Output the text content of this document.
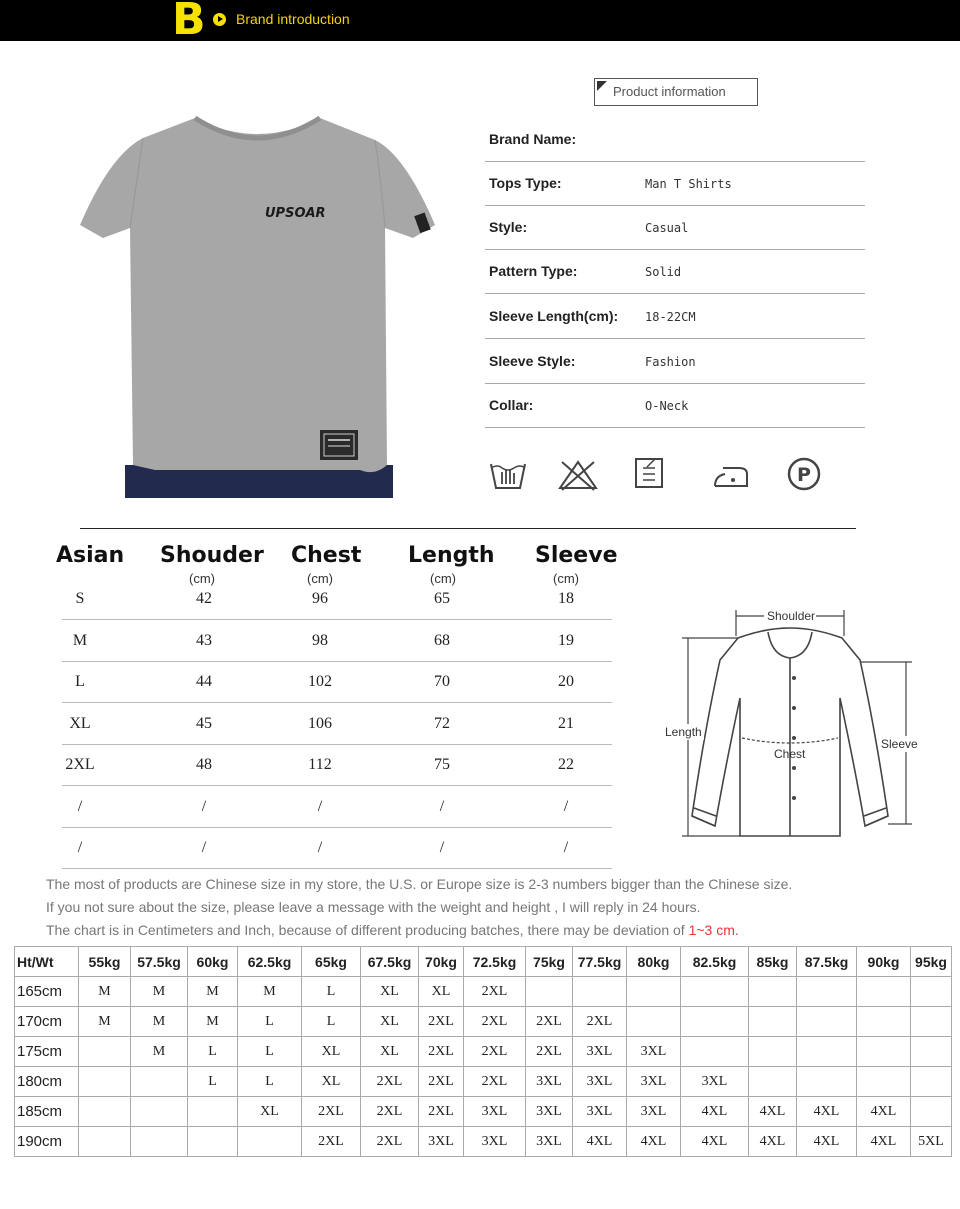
B Brand introduction
UPSOAR
Product information
Brand Name:
Tops Type:	Man T Shirts
Style:	Casual
Pattern Type:	Solid
Sleeve Length(cm): 18-22CM
Sleeve Style:	Fashion
Collar:	O-Neck
P
Asian Shouder Chest Length Sleeve
(cm)	(cm)	(cm)	(cm)
S	42	96	65	18
M	43	98	68	19
L	44	102	70	20
XL	45	106	72	21
2XL	48	112	75	22
/	/	/	/	/
/	/	/	/	/
Shoulder
Length
Chest
Sleeve
The most of products are Chinese size in my store, the U.S. or Europe size is 2-3 numbers bigger than the Chinese size.
If you not sure about the size, please leave a message with the weight and height , I will reply in 24 hours.
The chart is in Centimeters and Inch, because of different producing batches, there may be deviation of 1~3 cm.
Ht/Wt	55kg	57.5kg	60kg	62.5kg	65kg	67.5kg	70kg	72.5kg	75kg	77.5kg	80kg	82.5kg	85kg	87.5kg	90kg	95kg
165cm	M	M	M	M	L	XL	XL	2XL								
170cm	M	M	M	L	L	XL	2XL	2XL	2XL	2XL						
175cm		M	L	L	XL	XL	2XL	2XL	2XL	3XL	3XL					
180cm			L	L	XL	2XL	2XL	2XL	3XL	3XL	3XL	3XL				
185cm				XL	2XL	2XL	2XL	3XL	3XL	3XL	3XL	4XL	4XL	4XL	4XL	
190cm					2XL	2XL	3XL	3XL	3XL	4XL	4XL	4XL	4XL	4XL	4XL	5XL
